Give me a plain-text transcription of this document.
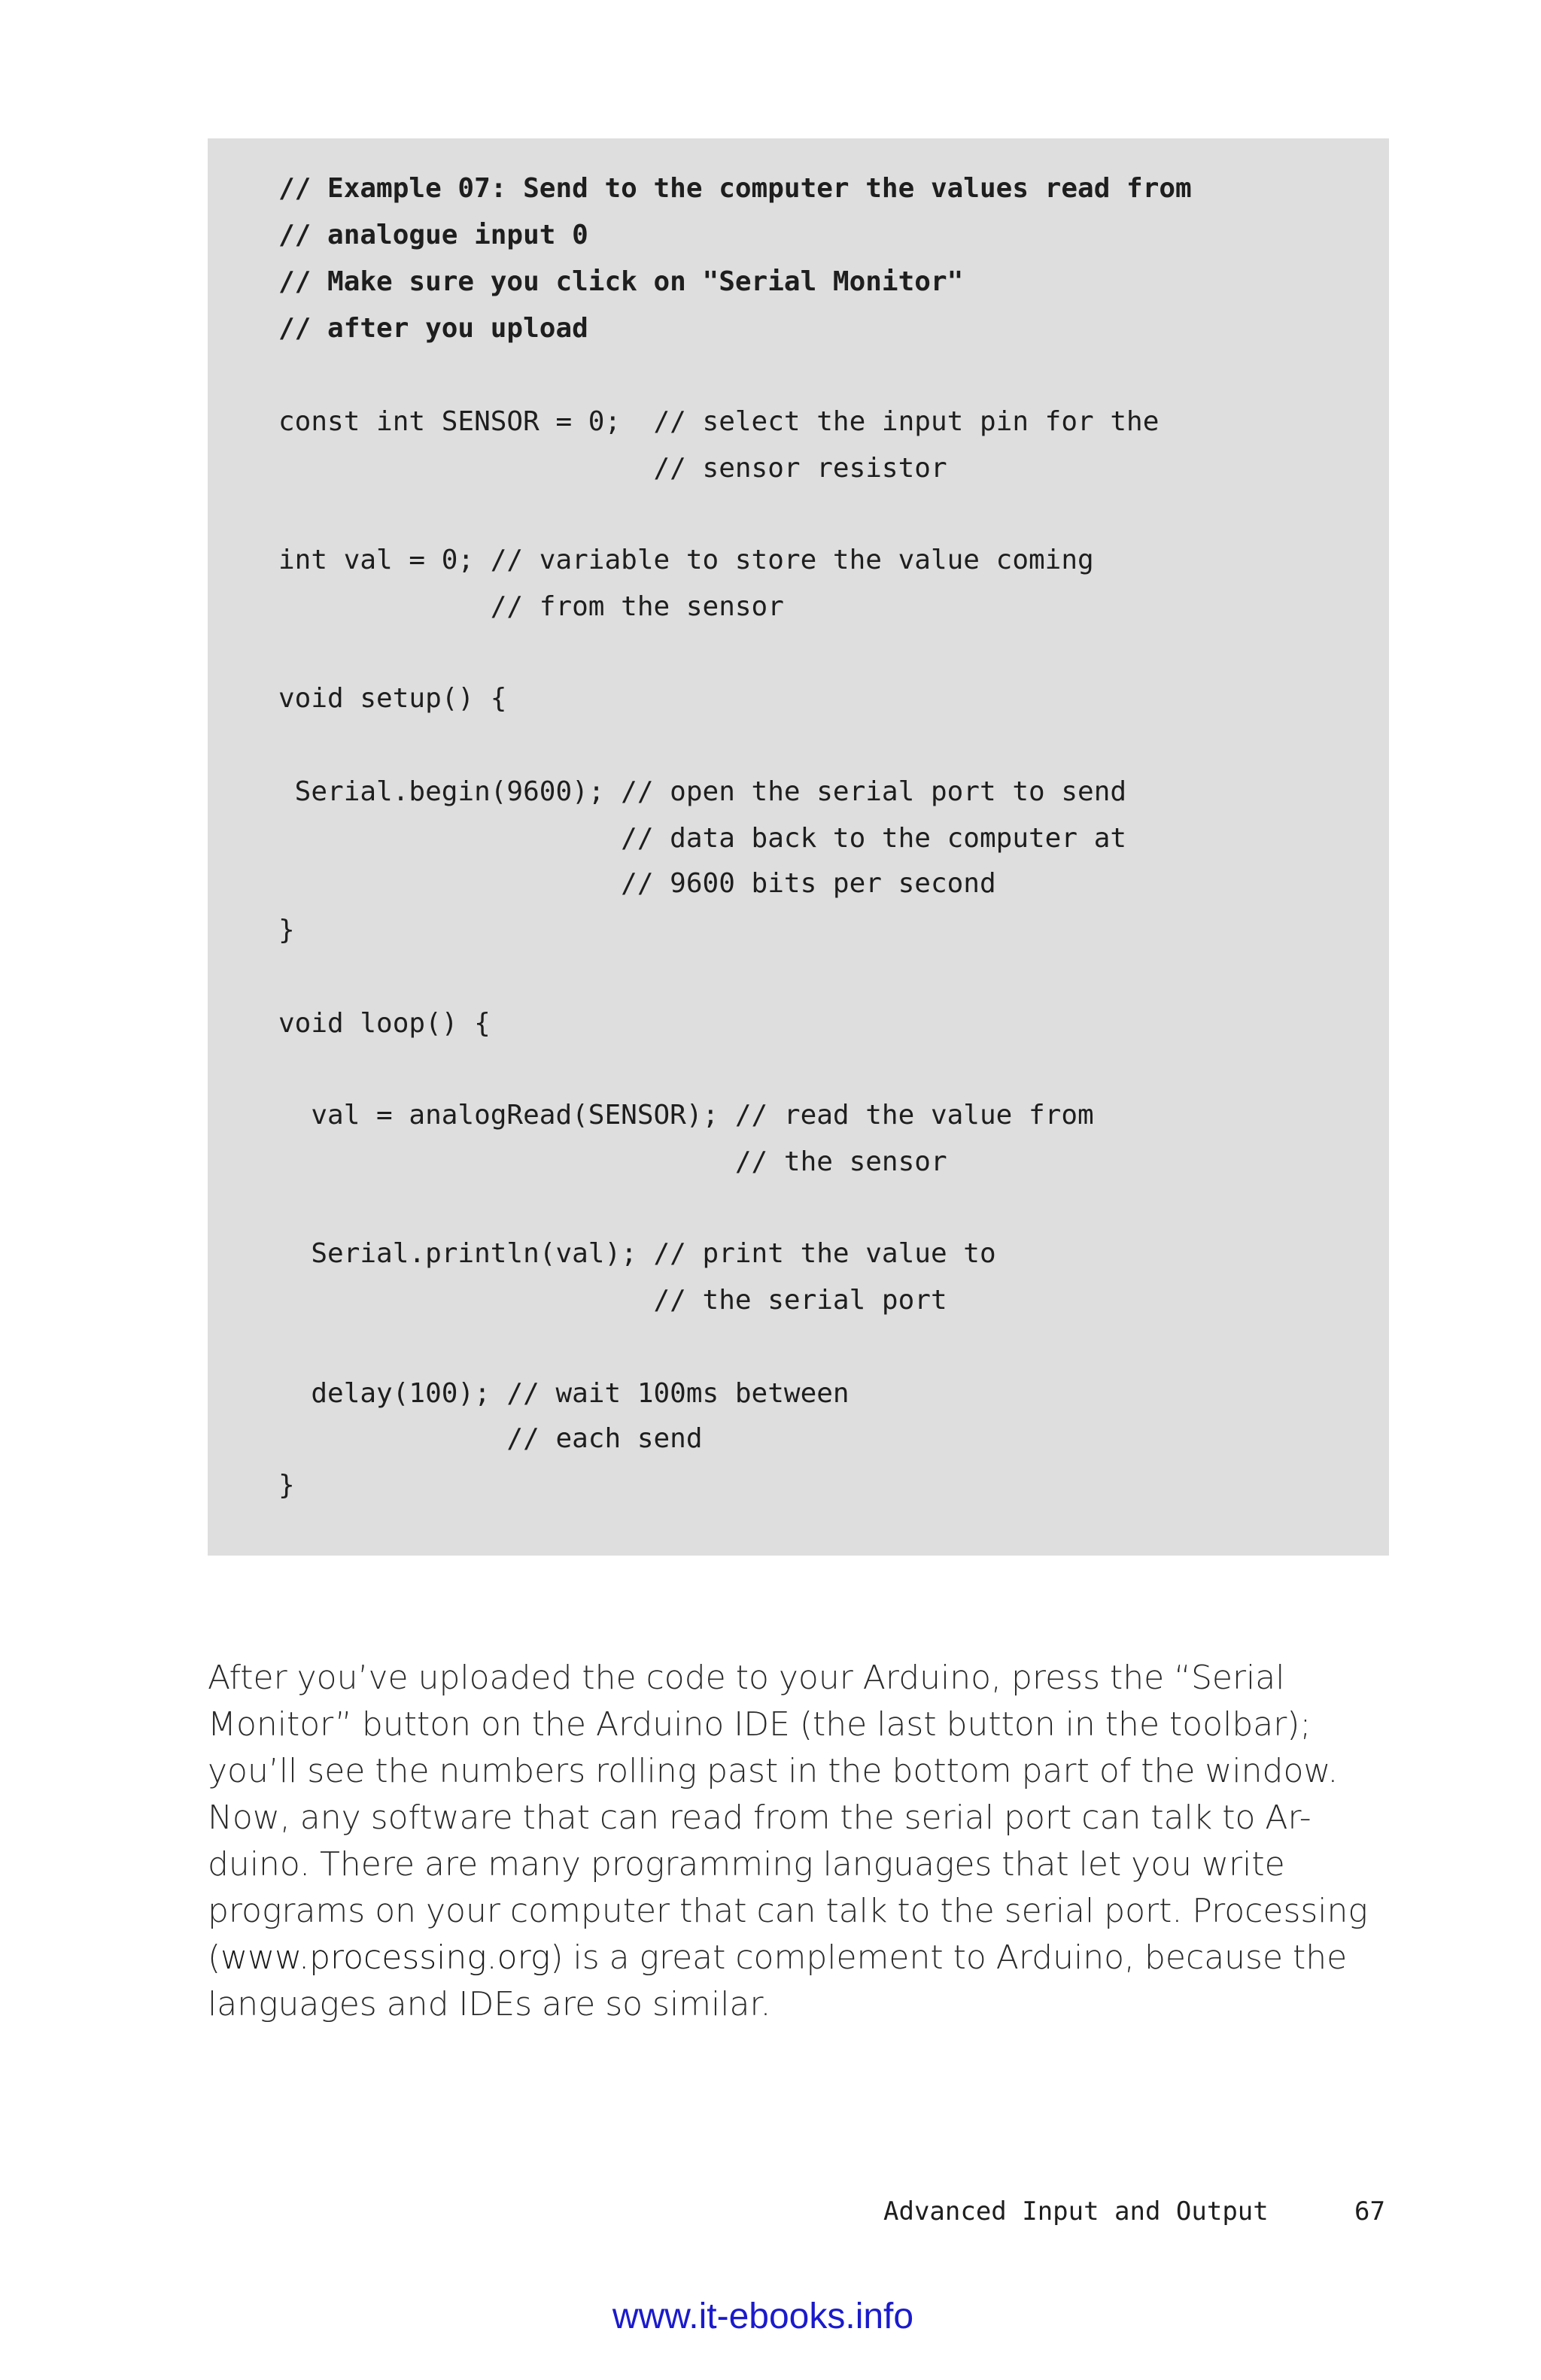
// Example 07: Send to the computer the values read from

// analogue input 0

// Make sure you click on "Serial Monitor"

// after you upload

const int SENSOR = 0;  // select the input pin for the

// sensor resistor

int val = 0; // variable to store the value coming

// from the sensor

void setup() {

Serial.begin(9600); // open the serial port to send

// data back to the computer at

// 9600 bits per second

}

void loop() {

val = analogRead(SENSOR); // read the value from

// the sensor

Serial.println(val); // print the value to

// the serial port

delay(100); // wait 100ms between

// each send

}

After you’ve uploaded the code to your Arduino, press the “Serial
Monitor” button on the Arduino IDE (the last button in the toolbar);
you’ll see the numbers rolling past in the bottom part of the window.
Now, any software that can read from the serial port can talk to Ar-
duino. There are many programming languages that let you write
programs on your computer that can talk to the serial port. Processing
(www.processing.org) is a great complement to Arduino, because the
languages and IDEs are so similar.
Advanced Input and Output	67
www.it-ebooks.info
